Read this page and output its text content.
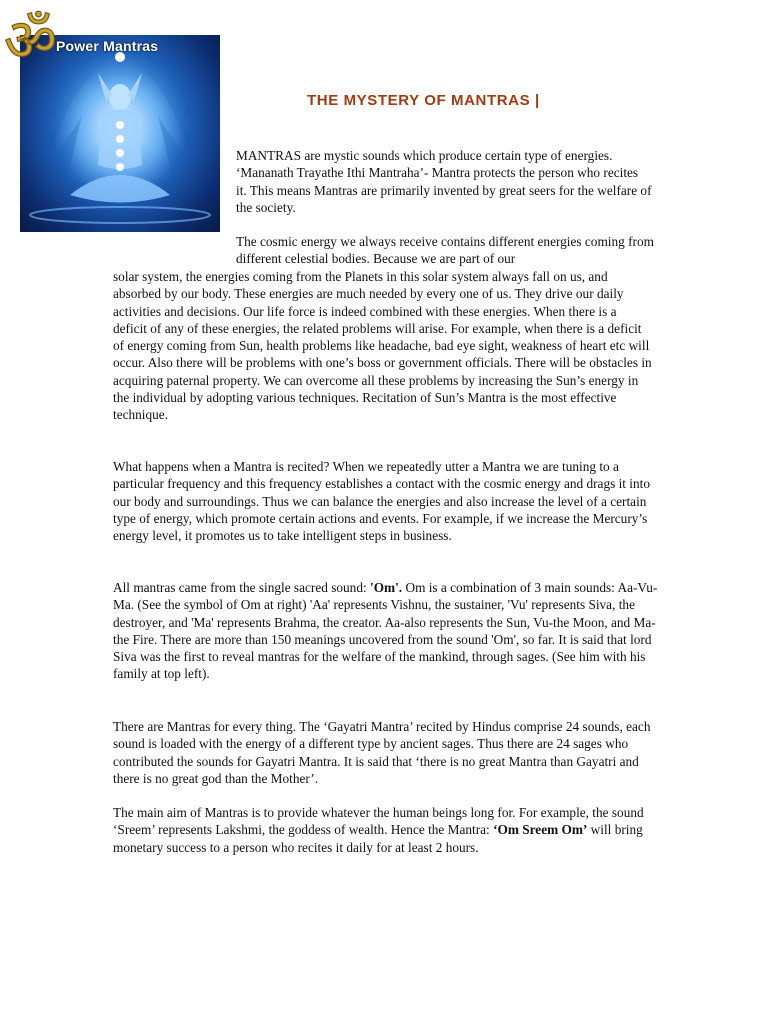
Power Mantras
ॐ
THE MYSTERY OF MANTRAS |

MANTRAS are mystic sounds which produce certain type of energies. ‘Mananath Trayathe Ithi Mantraha’- Mantra protects the person who recites it. This means Mantras are primarily invented by great seers for the welfare of the society.

The cosmic energy we always receive contains different energies coming from different celestial bodies. Because we are part of our

solar system, the energies coming from the Planets in this solar system always fall on us, and absorbed by our body. These energies are much needed by every one of us. They drive our daily activities and decisions. Our life force is indeed combined with these energies. When there is a deficit of any of these energies, the related problems will arise. For example, when there is a deficit of energy coming from Sun, health problems like headache, bad eye sight, weakness of heart etc will occur. Also there will be problems with one’s boss or government officials. There will be obstacles in acquiring paternal property. We can overcome all these problems by increasing the Sun’s energy in the individual by adopting various techniques. Recitation of Sun’s Mantra is the most effective technique.

What happens when a Mantra is recited? When we repeatedly utter a Mantra we are tuning to a particular frequency and this frequency establishes a contact with the cosmic energy and drags it into our body and surroundings. Thus we can balance the energies and also increase the level of a certain type of energy, which promote certain actions and events. For example, if we increase the Mercury’s energy level, it promotes us to take intelligent steps in business.

All mantras came from the single sacred sound: 'Om'. Om is a combination of 3 main sounds: Aa-Vu-Ma. (See the symbol of Om at right) 'Aa' represents Vishnu, the sustainer, 'Vu' represents Siva, the destroyer, and 'Ma' represents Brahma, the creator. Aa-also represents the Sun, Vu-the Moon, and Ma-the Fire. There are more than 150 meanings uncovered from the sound 'Om', so far. It is said that lord Siva was the first to reveal mantras for the welfare of the mankind, through sages. (See him with his family at top left).

There are Mantras for every thing. The ‘Gayatri Mantra’ recited by Hindus comprise 24 sounds, each sound is loaded with the energy of a different type by ancient sages. Thus there are 24 sages who contributed the sounds for Gayatri Mantra. It is said that ‘there is no great Mantra than Gayatri and there is no great god than the Mother’.

The main aim of Mantras is to provide whatever the human beings long for. For example, the sound ‘Sreem’ represents Lakshmi, the goddess of wealth. Hence the Mantra: ‘Om Sreem Om’ will bring monetary success to a person who recites it daily for at least 2 hours.
